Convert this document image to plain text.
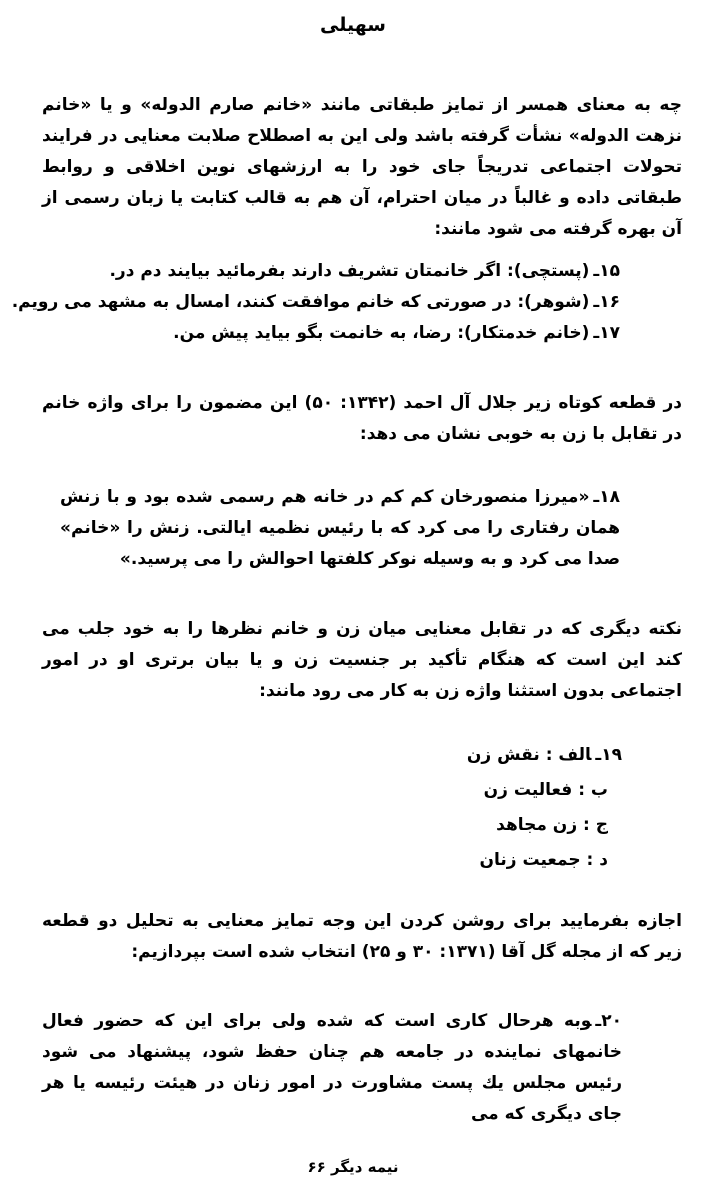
سهیلی
چه به معنای همسر از تمایز طبقاتی مانند «خانم صارم الدوله» و یا «خانم نزهت الدوله» نشأت گرفته باشد ولی این به اصطلاح صلابت معنایی در فرایند تحولات اجتماعی تدریجاً جای خود را به ارزشهای نوین اخلاقی و روابط طبقاتی داده و غالباً در میان احترام، آن هم به قالب کتابت یا زبان رسمی از آن بهره گرفته می شود مانند:
۱۵ـ(پستچی): اگر خانمتان تشریف دارند بفرمائید بیایند دم در.
۱۶ـ(شوهر): در صورتی که خانم موافقت کنند، امسال به مشهد می رویم.
۱۷ـ(خانم خدمتکار): رضا، به خانمت بگو بیاید پیش من.
در قطعه کوتاه زیر جلال آل احمد (۱۳۴۲: ۵۰) این مضمون را برای واژه خانم در تقابل با زن به خوبی نشان می دهد:
۱۸ـ«میرزا منصورخان کم کم در خانه هم رسمی شده بود و با زنش همان رفتاری را می کرد که با رئیس نظمیه ایالتی. زنش را «خانم» صدا می کرد و به وسیله نوکر کلفتها احوالش را می پرسید.»
نکته دیگری که در تقابل معنایی میان زن و خانم نظرها را به خود جلب می کند این است که هنگام تأکید بر جنسیت زن و یا بیان برتری او در امور اجتماعی بدون استثنا واژه زن به کار می رود مانند:
۱۹ـالف : نقش زن
ب : فعالیت زن
ج : زن مجاهد
د : جمعیت زنان
اجازه بفرمایید برای روشن کردن این وجه تمایز معنایی به تحلیل دو قطعه زیر که از مجله گل آقا (۱۳۷۱: ۳۰ و ۲۵) انتخاب شده است بپردازیم:
۲۰ـوبه هرحال کاری است که شده ولی برای این که حضور فعال خانمهای نماینده در جامعه هم چنان حفظ شود، پیشنهاد می شود رئیس مجلس یك پست مشاورت در امور زنان در هیئت رئیسه یا هر جای دیگری که می
نیمه دیگر ۶۶
